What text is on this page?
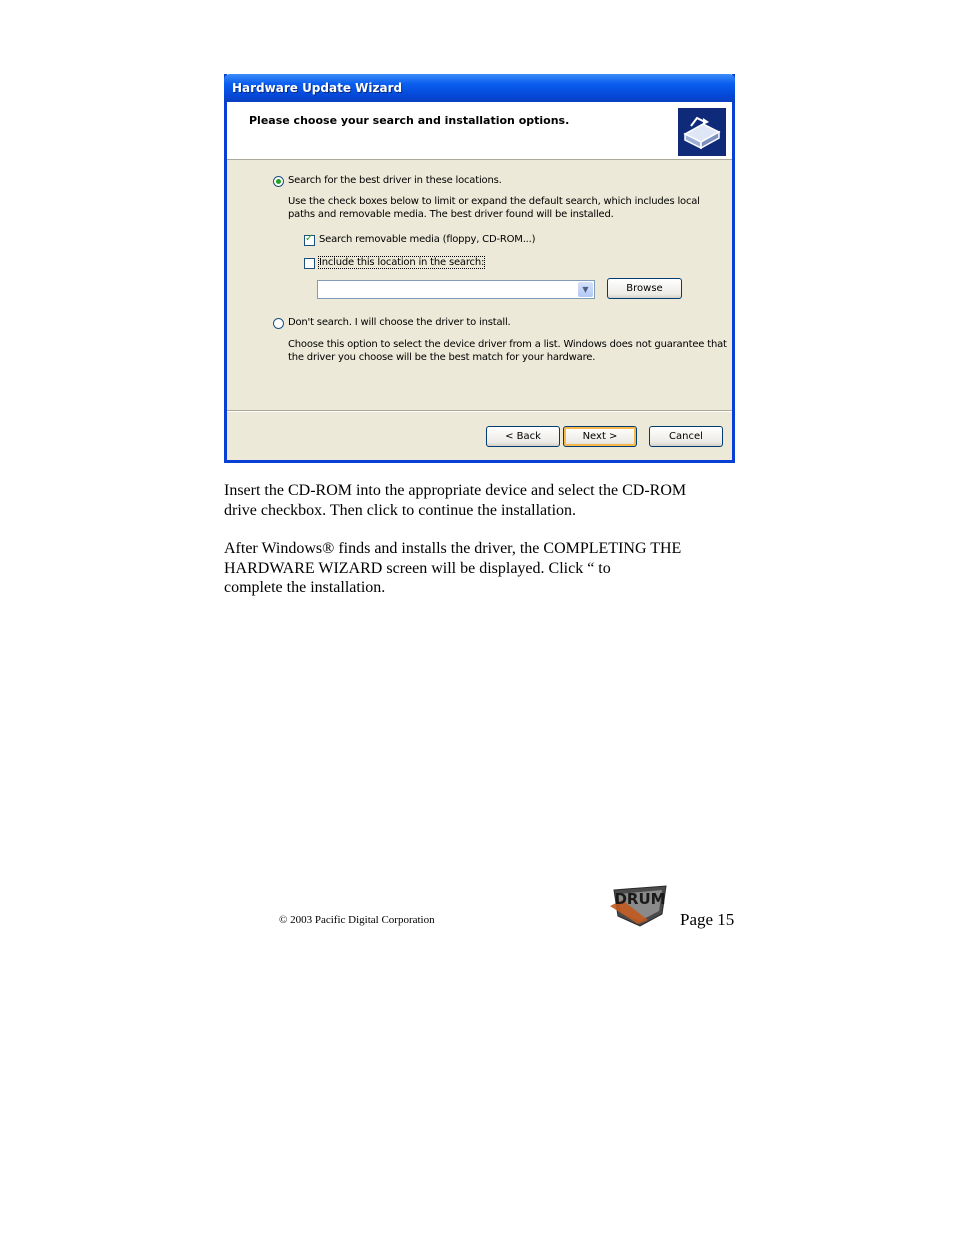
Hardware Update Wizard
Please choose your search and installation options.
Search for the best driver in these locations.
Use the check boxes below to limit or expand the default search, which includes local paths and removable media. The best driver found will be installed.
✓
Search removable media (floppy, CD-ROM...)
Include this location in the search:
▼	Browse
Don't search. I will choose the driver to install.
Choose this option to select the device driver from a list. Windows does not guarantee that the driver you choose will be the best match for your hardware.
< Back	Next >	Cancel
Insert the CD-ROM into the appropriate device and select the CD-ROM
drive checkbox. Then click to continue the installation.
After Windows® finds and installs the driver, the COMPLETING THE
HARDWARE WIZARD screen will be displayed. Click “ to
complete the installation.
© 2003 Pacific Digital Corporation
DRUM
Page 15
